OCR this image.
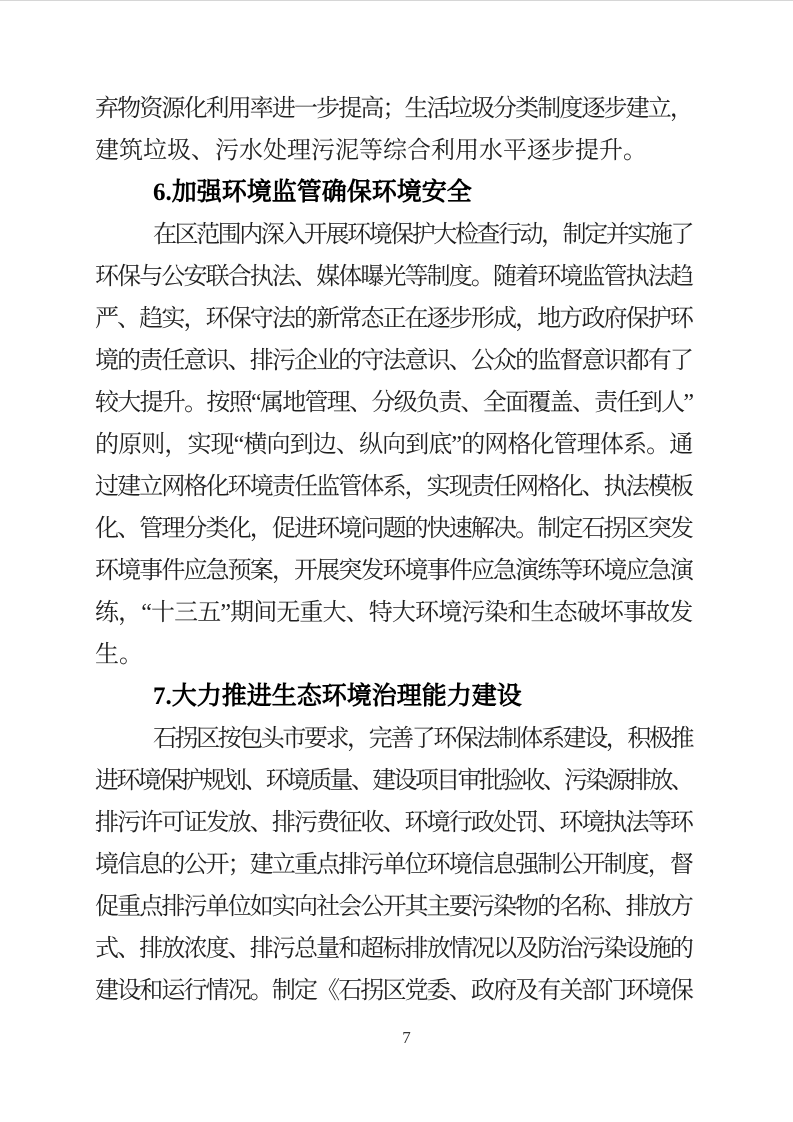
弃物资源化利用率进一步提高；生活垃圾分类制度逐步建立，
建筑垃圾、污水处理污泥等综合利用水平逐步提升。
6.加强环境监管确保环境安全
在区范围内深入开展环境保护大检查行动，制定并实施了
环保与公安联合执法、媒体曝光等制度。随着环境监管执法趋
严、趋实，环保守法的新常态正在逐步形成，地方政府保护环
境的责任意识、排污企业的守法意识、公众的监督意识都有了
较大提升。按照“属地管理、分级负责、全面覆盖、责任到人”
的原则，实现“横向到边、纵向到底”的网格化管理体系。通
过建立网格化环境责任监管体系，实现责任网格化、执法模板
化、管理分类化，促进环境问题的快速解决。制定石拐区突发
环境事件应急预案，开展突发环境事件应急演练等环境应急演
练，“十三五”期间无重大、特大环境污染和生态破坏事故发
生。
7.大力推进生态环境治理能力建设
石拐区按包头市要求，完善了环保法制体系建设，积极推
进环境保护规划、环境质量、建设项目审批验收、污染源排放、
排污许可证发放、排污费征收、环境行政处罚、环境执法等环
境信息的公开；建立重点排污单位环境信息强制公开制度，督
促重点排污单位如实向社会公开其主要污染物的名称、排放方
式、排放浓度、排污总量和超标排放情况以及防治污染设施的
建设和运行情况。制定《石拐区党委、政府及有关部门环境保
7
